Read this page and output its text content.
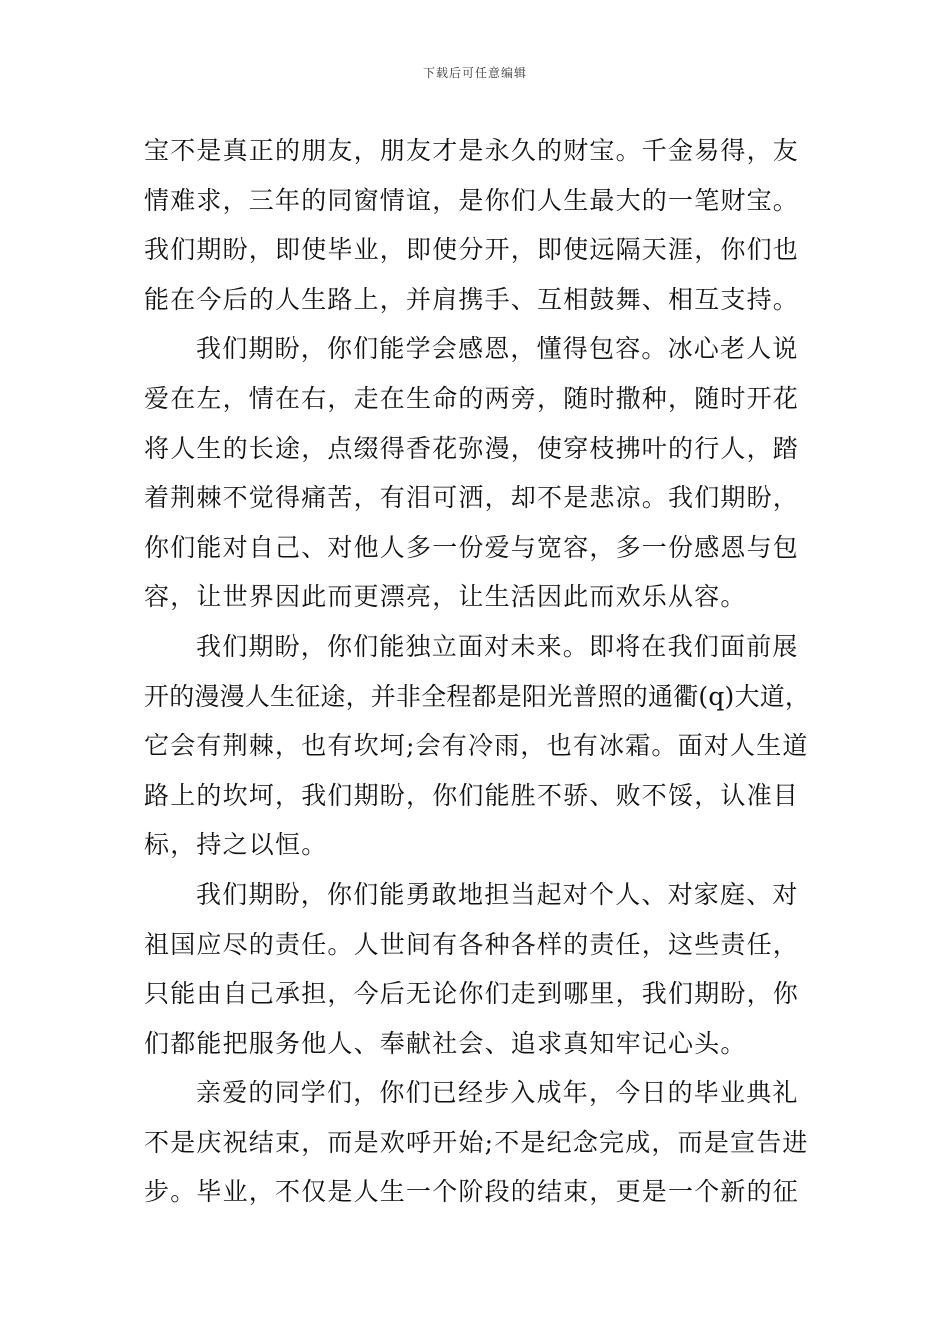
下载后可任意编辑
宝不是真正的朋友，朋友才是永久的财宝。千金易得，友
情难求，三年的同窗情谊，是你们人生最大的一笔财宝。
我们期盼，即使毕业，即使分开，即使远隔天涯，你们也
能在今后的人生路上，并肩携手、互相鼓舞、相互支持。
我们期盼，你们能学会感恩，懂得包容。冰心老人说
爱在左，情在右，走在生命的两旁，随时撒种，随时开花
将人生的长途，点缀得香花弥漫，使穿枝拂叶的行人，踏
着荆棘不觉得痛苦，有泪可洒，却不是悲凉。我们期盼，
你们能对自己、对他人多一份爱与宽容，多一份感恩与包
容，让世界因此而更漂亮，让生活因此而欢乐从容。
我们期盼，你们能独立面对未来。即将在我们面前展
开的漫漫人生征途，并非全程都是阳光普照的通衢(q)大道，
它会有荆棘，也有坎坷;会有冷雨，也有冰霜。面对人生道
路上的坎坷，我们期盼，你们能胜不骄、败不馁，认准目
标，持之以恒。
我们期盼，你们能勇敢地担当起对个人、对家庭、对
祖国应尽的责任。人世间有各种各样的责任，这些责任，
只能由自己承担，今后无论你们走到哪里，我们期盼，你
们都能把服务他人、奉献社会、追求真知牢记心头。
亲爱的同学们，你们已经步入成年，今日的毕业典礼
不是庆祝结束，而是欢呼开始;不是纪念完成，而是宣告进
步。毕业，不仅是人生一个阶段的结束，更是一个新的征
